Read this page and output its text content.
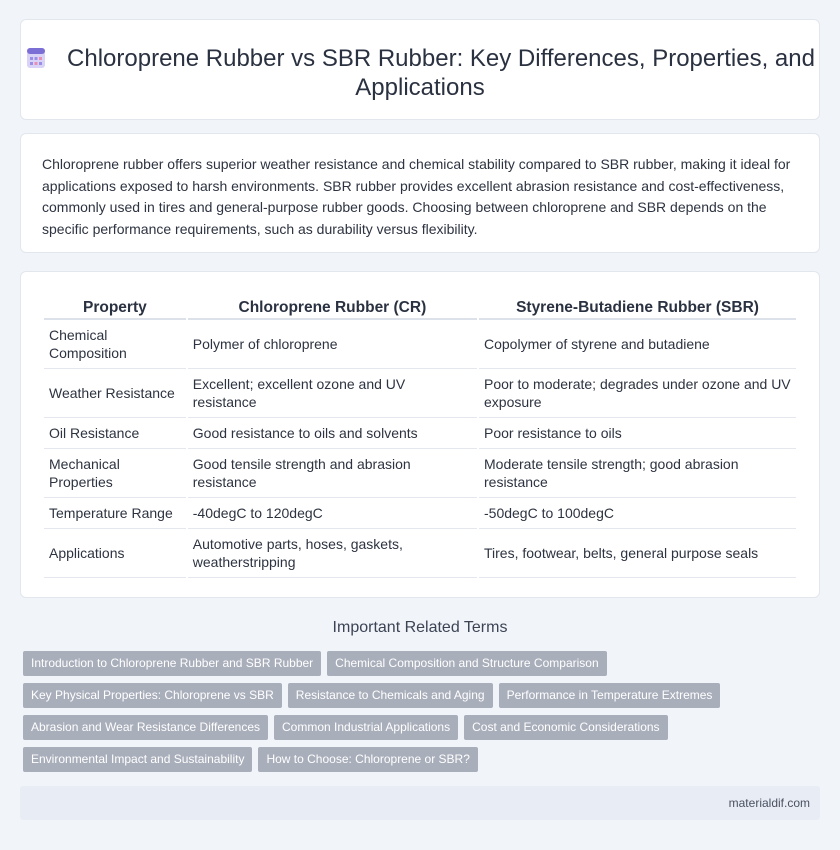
Chloroprene Rubber vs SBR Rubber: Key Differences, Properties, and Applications

Chloroprene rubber offers superior weather resistance and chemical stability compared to SBR rubber, making it ideal for applications exposed to harsh environments. SBR rubber provides excellent abrasion resistance and cost-effectiveness, commonly used in tires and general-purpose rubber goods. Choosing between chloroprene and SBR depends on the specific performance requirements, such as durability versus flexibility.

Property	Chloroprene Rubber (CR)	Styrene-Butadiene Rubber (SBR)
Chemical Composition	Polymer of chloroprene	Copolymer of styrene and butadiene
Weather Resistance	Excellent; excellent ozone and UV resistance	Poor to moderate; degrades under ozone and UV exposure
Oil Resistance	Good resistance to oils and solvents	Poor resistance to oils
Mechanical Properties	Good tensile strength and abrasion resistance	Moderate tensile strength; good abrasion resistance
Temperature Range	-40degC to 120degC	-50degC to 100degC
Applications	Automotive parts, hoses, gaskets, weatherstripping	Tires, footwear, belts, general purpose seals
Important Related Terms
Introduction to Chloroprene Rubber and SBR Rubber	Chemical Composition and Structure Comparison
Key Physical Properties: Chloroprene vs SBR	Resistance to Chemicals and Aging	Performance in Temperature Extremes
Abrasion and Wear Resistance Differences	Common Industrial Applications	Cost and Economic Considerations
Environmental Impact and Sustainability	How to Choose: Chloroprene or SBR?
materialdif.com
